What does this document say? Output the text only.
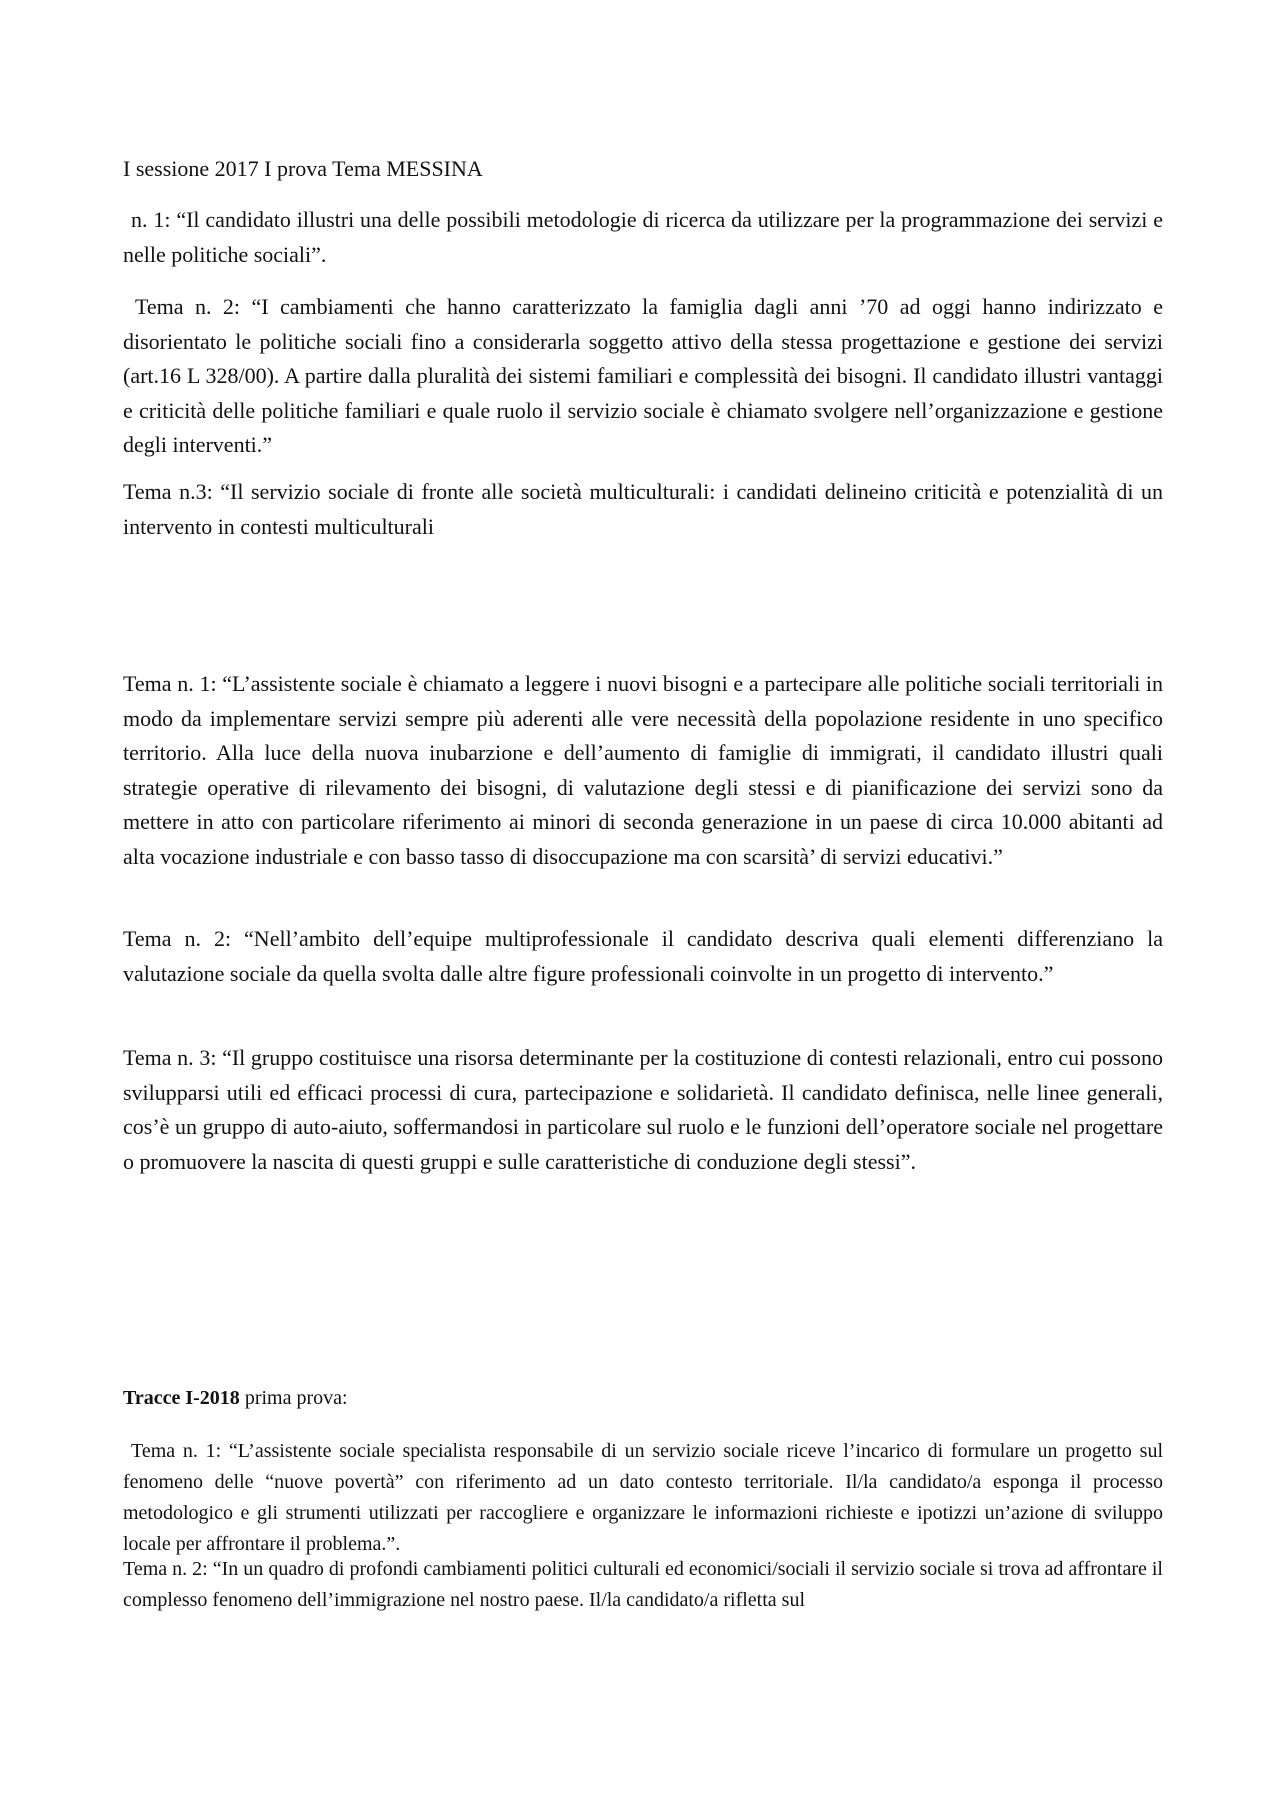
I sessione 2017 I prova Tema MESSINA

n. 1: “Il candidato illustri una delle possibili metodologie di ricerca da utilizzare per la programmazione dei servizi e nelle politiche sociali”.

Tema n. 2: “I cambiamenti che hanno caratterizzato la famiglia dagli anni ’70 ad oggi hanno indirizzato e disorientato le politiche sociali fino a considerarla soggetto attivo della stessa progettazione e gestione dei servizi (art.16 L 328/00). A partire dalla pluralità dei sistemi familiari e complessità dei bisogni. Il candidato illustri vantaggi e criticità delle politiche familiari e quale ruolo il servizio sociale è chiamato svolgere nell’organizzazione e gestione degli interventi.”

Tema n.3: “Il servizio sociale di fronte alle società multiculturali: i candidati delineino criticità e potenzialità di un intervento in contesti multiculturali

Tema n. 1: “L’assistente sociale è chiamato a leggere i nuovi bisogni e a partecipare alle politiche sociali territoriali in modo da implementare servizi sempre più aderenti alle vere necessità della popolazione residente in uno specifico territorio. Alla luce della nuova inubarzione e dell’aumento di famiglie di immigrati, il candidato illustri quali strategie operative di rilevamento dei bisogni, di valutazione degli stessi e di pianificazione dei servizi sono da mettere in atto con particolare riferimento ai minori di seconda generazione in un paese di circa 10.000 abitanti ad alta vocazione industriale e con basso tasso di disoccupazione ma con scarsità’ di servizi educativi.”

Tema n. 2: “Nell’ambito dell’equipe multiprofessionale il candidato descriva quali elementi differenziano la valutazione sociale da quella svolta dalle altre figure professionali coinvolte in un progetto di intervento.”

Tema n. 3: “Il gruppo costituisce una risorsa determinante per la costituzione di contesti relazionali, entro cui possono svilupparsi utili ed efficaci processi di cura, partecipazione e solidarietà. Il candidato definisca, nelle linee generali, cos’è un gruppo di auto-aiuto, soffermandosi in particolare sul ruolo e le funzioni dell’operatore sociale nel progettare o promuovere la nascita di questi gruppi e sulle caratteristiche di conduzione degli stessi”.

Tracce I-2018 prima prova:

Tema n. 1: “L’assistente sociale specialista responsabile di un servizio sociale riceve l’incarico di formulare un progetto sul fenomeno delle “nuove povertà” con riferimento ad un dato contesto territoriale. Il/la candidato/a esponga il processo metodologico e gli strumenti utilizzati per raccogliere e organizzare le informazioni richieste e ipotizzi un’azione di sviluppo locale per affrontare il problema.”.

Tema n. 2: “In un quadro di profondi cambiamenti politici culturali ed economici/sociali il servizio sociale si trova ad affrontare il complesso fenomeno dell’immigrazione nel nostro paese. Il/la candidato/a rifletta sul
